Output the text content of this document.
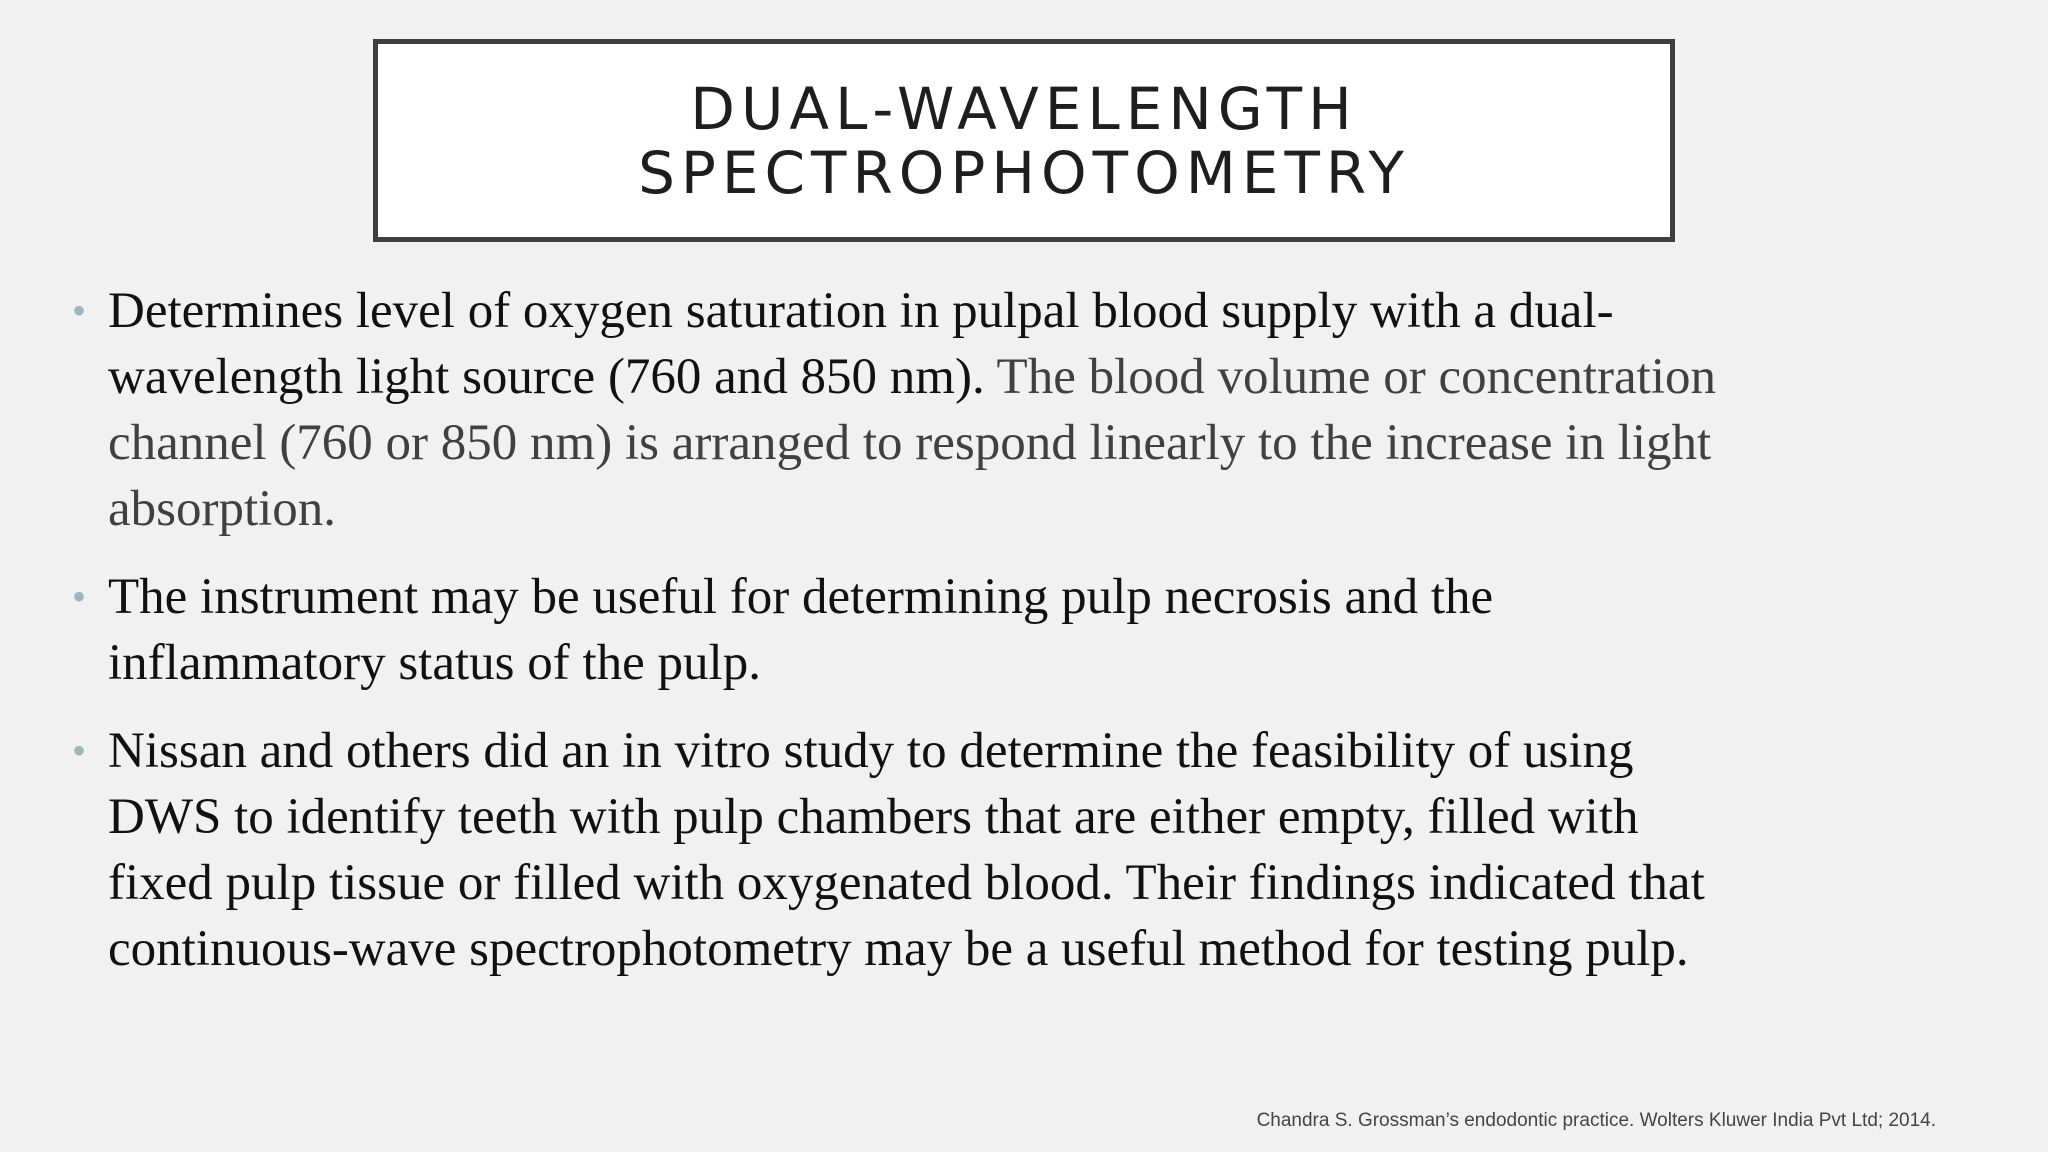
DUAL-WAVELENGTH
SPECTROPHOTOMETRY
• Determines level of oxygen saturation in pulpal blood supply with a dual-
wavelength light source (760 and 850 nm). The blood volume or concentration
channel (760 or 850 nm) is arranged to respond linearly to the increase in light
absorption.
• The instrument may be useful for determining pulp necrosis and the
inflammatory status of the pulp.
• Nissan and others did an in vitro study to determine the feasibility of using
DWS to identify teeth with pulp chambers that are either empty, filled with
fixed pulp tissue or filled with oxygenated blood. Their findings indicated that
continuous-wave spectrophotometry may be a useful method for testing pulp.
Chandra S. Grossman’s endodontic practice. Wolters Kluwer India Pvt Ltd; 2014.
